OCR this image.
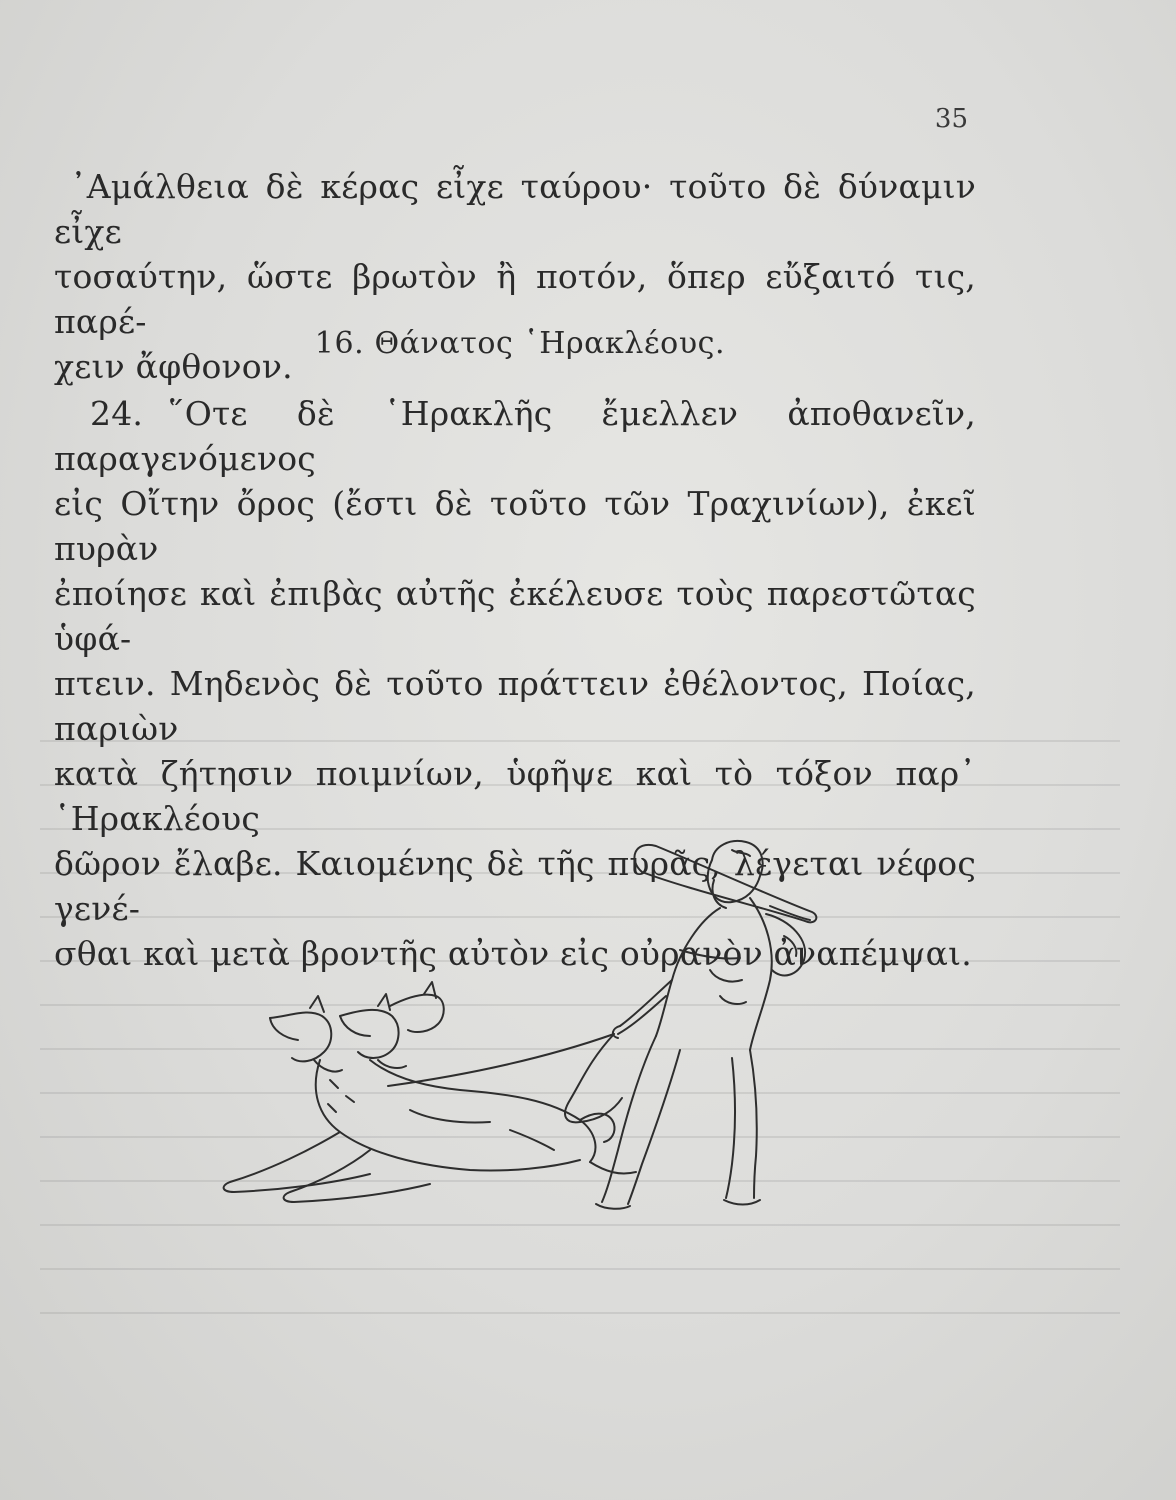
35

᾿Αμάλθεια δὲ κέρας εἶχε ταύρου· τοῦτο δὲ δύναμιν εἶχε

τοσαύτην, ὥστε βρωτὸν ἢ ποτόν, ὅπερ εὔξαιτό τις, παρέ-

χειν ἄφθονον.

16. Θάνατος ῾Ηρακλέους.

24. ῞Οτε δὲ ῾Ηρακλῆς ἔμελλεν ἀποθανεῖν, παραγενόμενος

εἰς Οἴτην ὄρος (ἔστι δὲ τοῦτο τῶν Τραχινίων), ἐκεῖ πυρὰν

ἐποίησε καὶ ἐπιβὰς αὐτῆς ἐκέλευσε τοὺς παρεστῶτας ὑφά-

πτειν. Μηδενὸς δὲ τοῦτο πράττειν ἐθέλοντος, Ποίας, παριὼν

κατὰ ζήτησιν ποιμνίων, ὑφῆψε καὶ τὸ τόξον παρ᾿ ῾Ηρακλέους

δῶρον ἔλαβε. Καιομένης δὲ τῆς πυρᾶς, λέγεται νέφος γενέ-

σθαι καὶ μετὰ βροντῆς αὐτὸν εἰς οὐρανὸν ἀναπέμψαι.
